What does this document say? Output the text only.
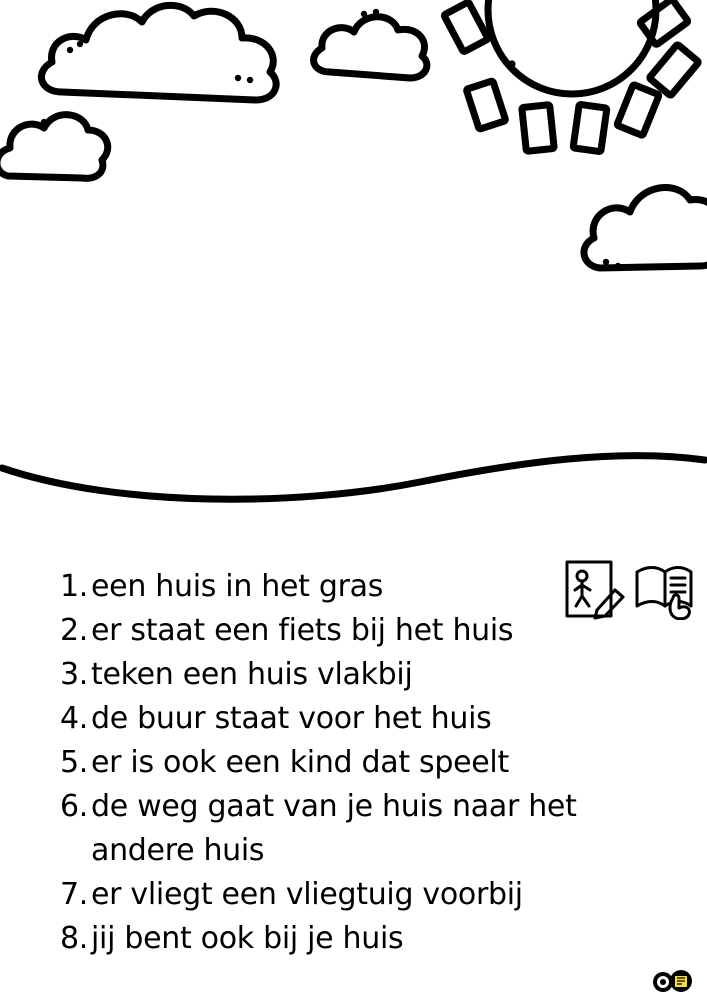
1. een huis in het gras
2. er staat een fiets bij het huis
3. teken een huis vlakbij
4. de buur staat voor het huis
5. er is ook een kind dat speelt
6. de weg gaat van je huis naar het
andere huis
7. er vliegt een vliegtuig voorbij
8. jij bent ook bij je huis
